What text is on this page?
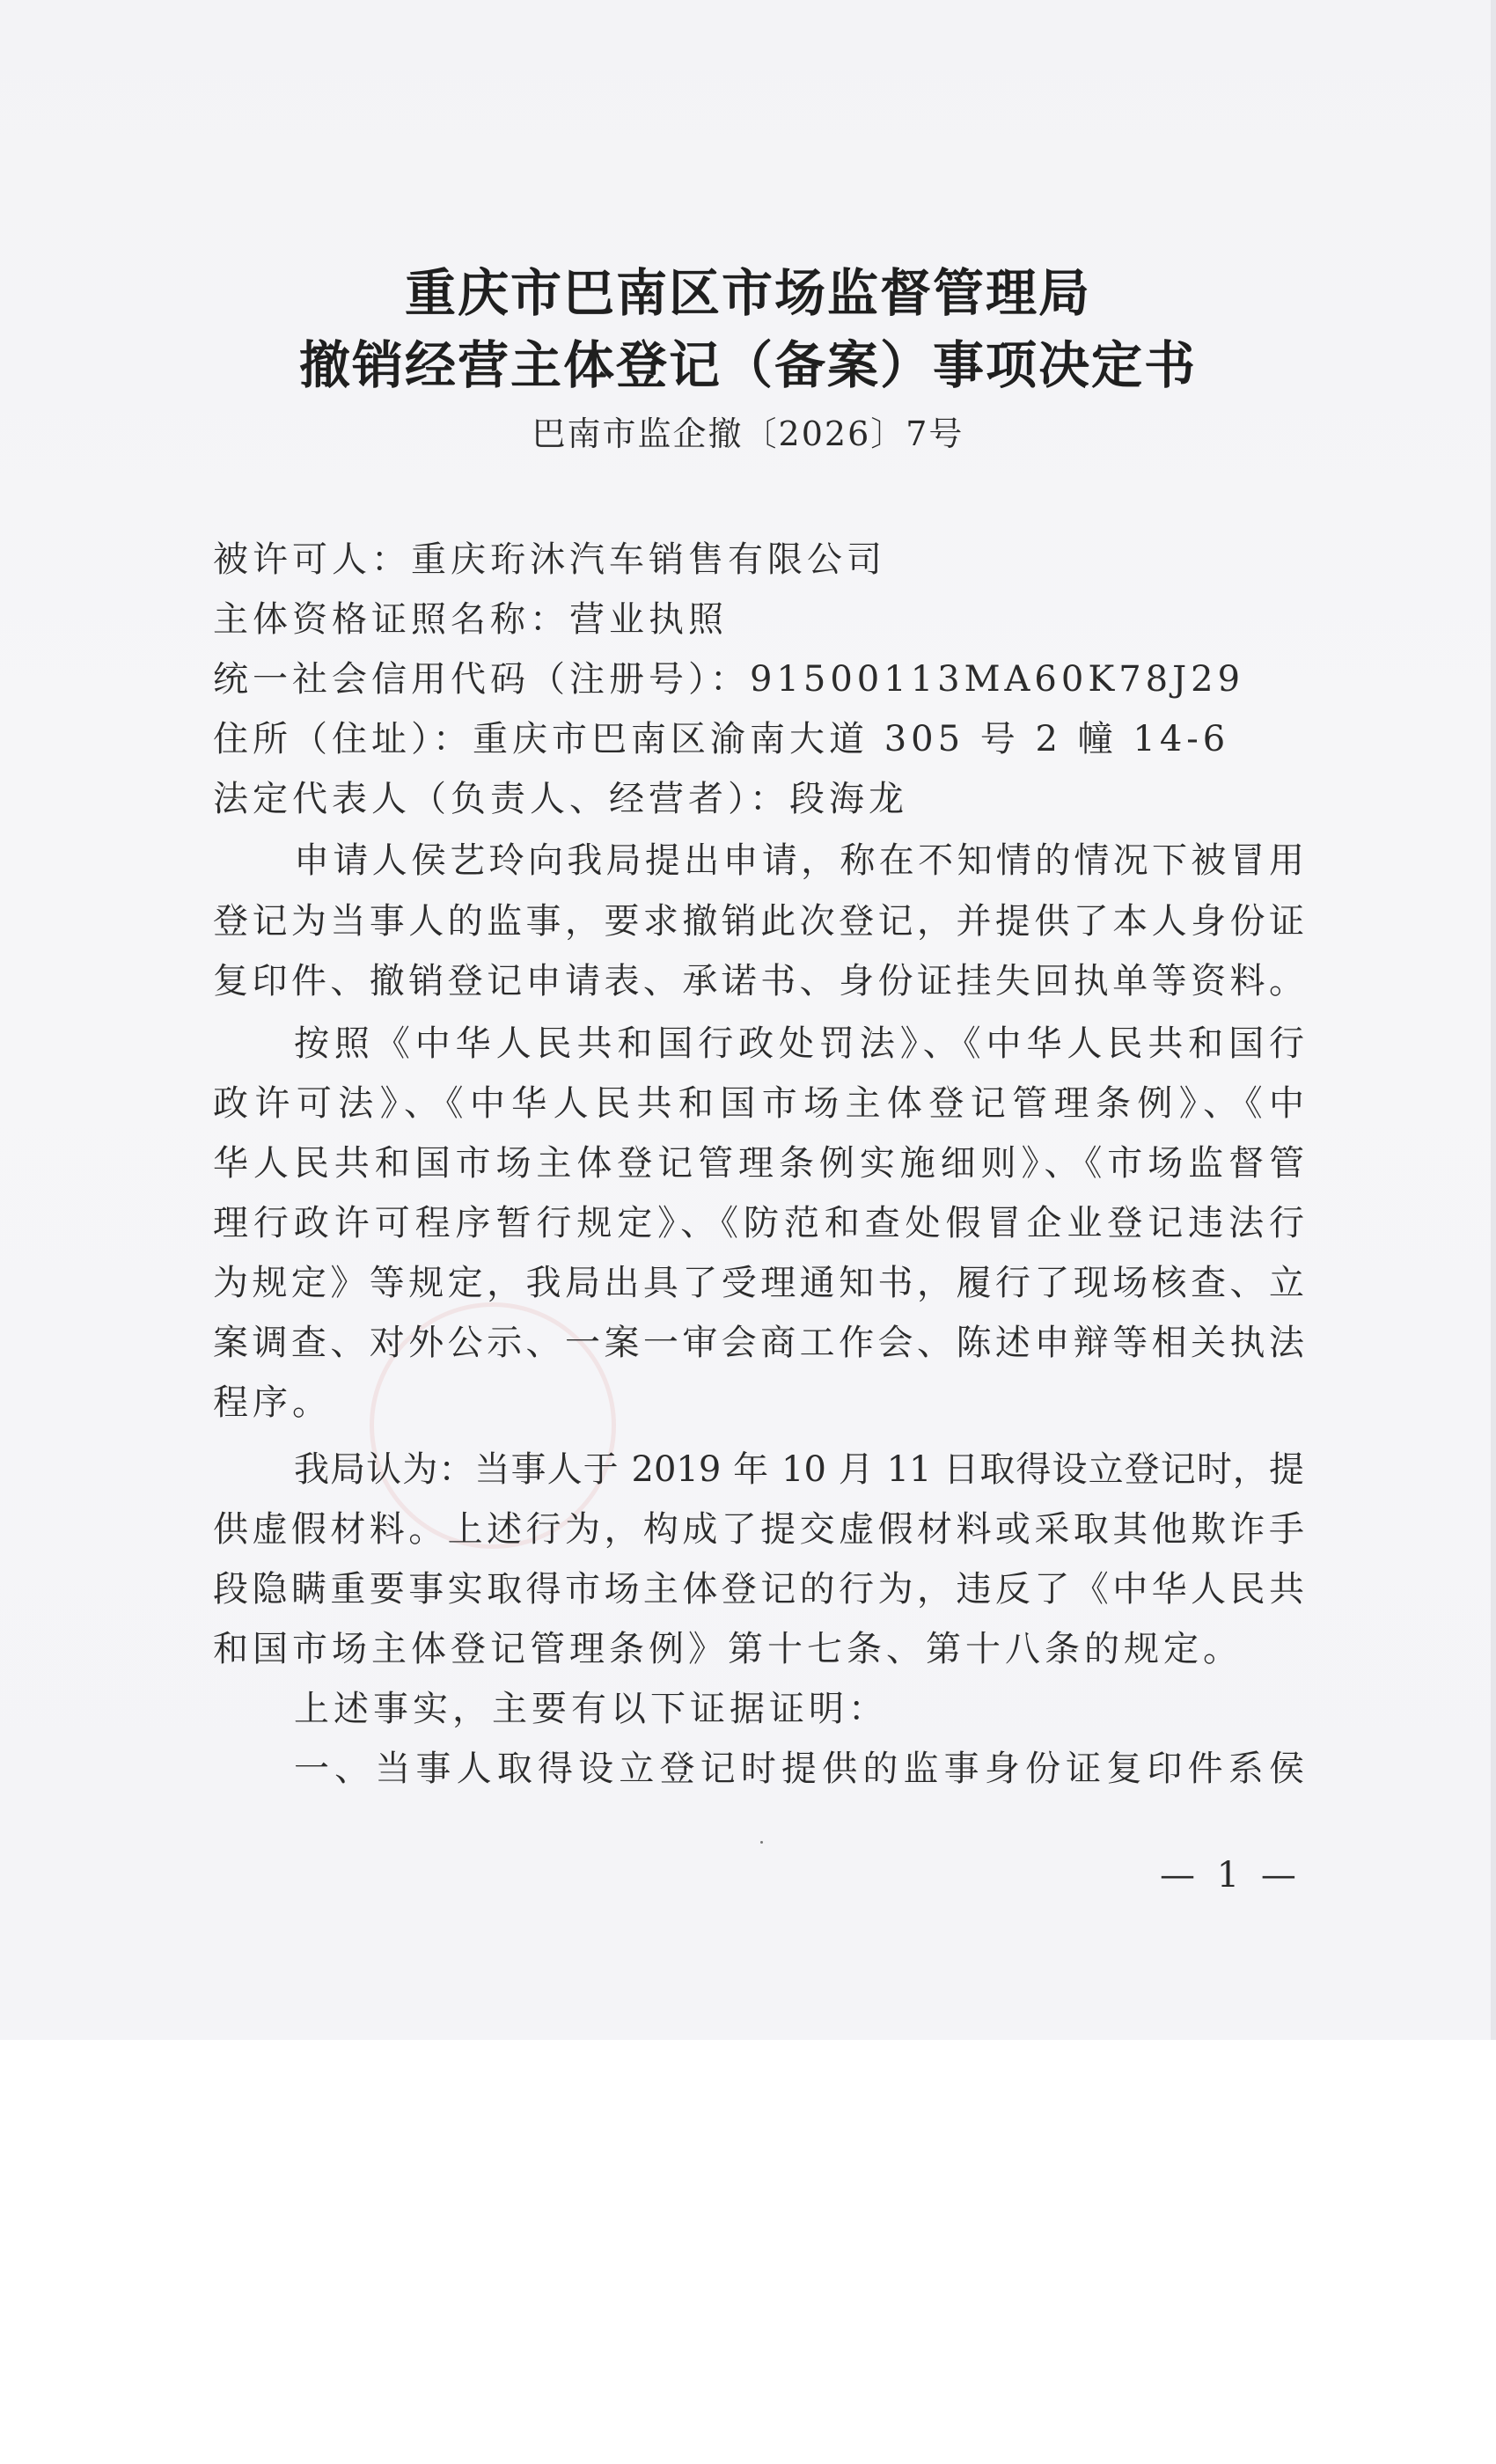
重庆市巴南区市场监督管理局
撤销经营主体登记（备案）事项决定书
巴南市监企撤〔2026〕7号
被许可人：重庆珩沐汽车销售有限公司
主体资格证照名称：营业执照
统一社会信用代码（注册号）：91500113MA60K78J29
住所（住址）：重庆市巴南区渝南大道 305 号 2 幢 14-6
法定代表人（负责人、经营者）：段海龙
申请人侯艺玲向我局提出申请，称在不知情的情况下被冒用
登记为当事人的监事，要求撤销此次登记，并提供了本人身份证
复印件、撤销登记申请表、承诺书、身份证挂失回执单等资料。
按照《中华人民共和国行政处罚法》、《中华人民共和国行
政许可法》、《中华人民共和国市场主体登记管理条例》、《中
华人民共和国市场主体登记管理条例实施细则》、《市场监督管
理行政许可程序暂行规定》、《防范和查处假冒企业登记违法行
为规定》等规定，我局出具了受理通知书，履行了现场核查、立
案调查、对外公示、一案一审会商工作会、陈述申辩等相关执法
程序。
我局认为：当事人于 2019 年 10 月 11 日取得设立登记时，提
供虚假材料。上述行为，构成了提交虚假材料或采取其他欺诈手
段隐瞒重要事实取得市场主体登记的行为，违反了《中华人民共
和国市场主体登记管理条例》第十七条、第十八条的规定。
上述事实，主要有以下证据证明：
一、当事人取得设立登记时提供的监事身份证复印件系侯
— 1 —
